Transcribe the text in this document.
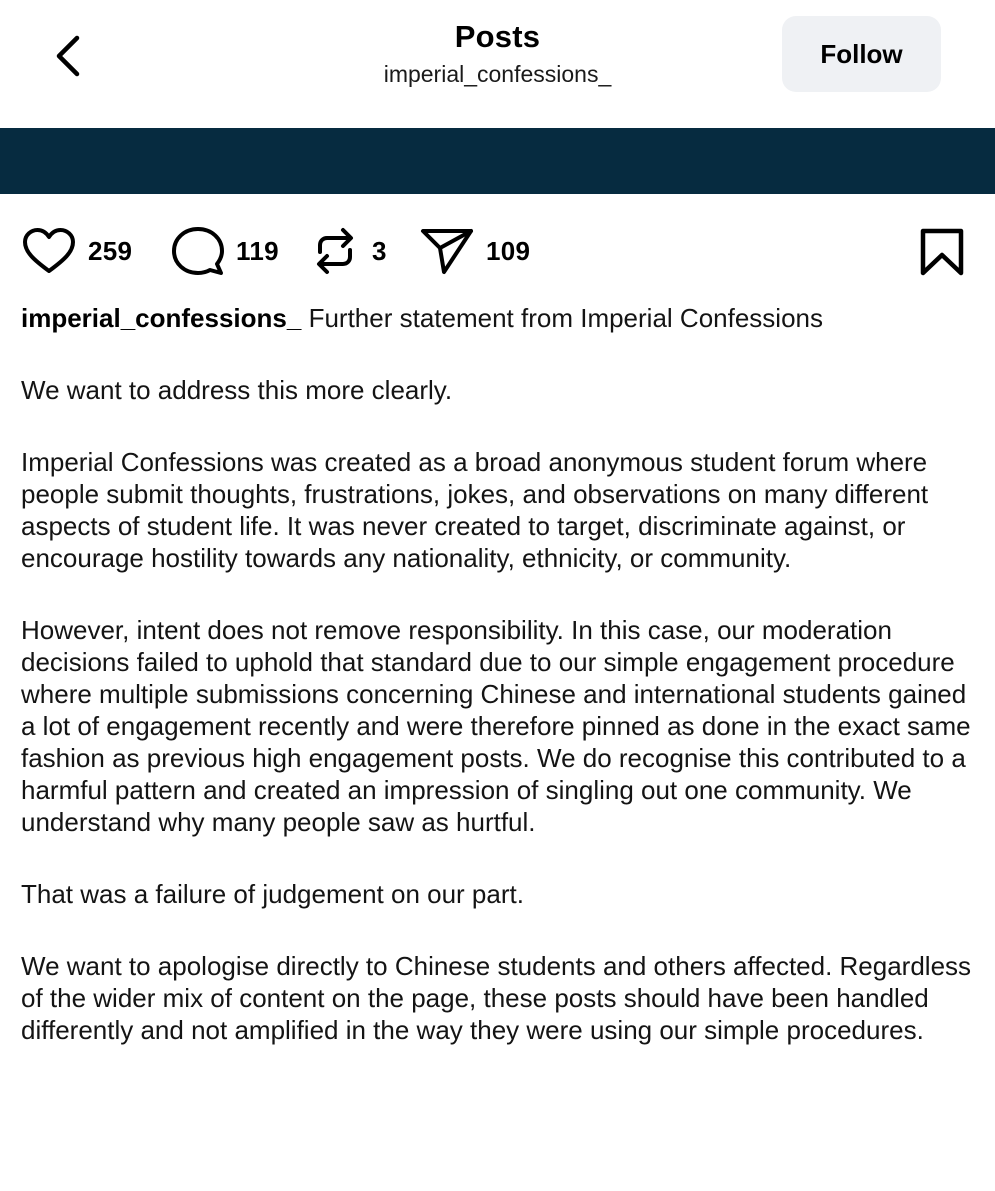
Posts
imperial_confessions_
Follow
259	119	3	109

imperial_confessions_ Further statement from Imperial Confessions

We want to address this more clearly.

Imperial Confessions was created as a broad anonymous student forum where people submit thoughts, frustrations, jokes, and observations on many different aspects of student life. It was never created to target, discriminate against, or encourage hostility towards any nationality, ethnicity, or community.

However, intent does not remove responsibility. In this case, our moderation decisions failed to uphold that standard due to our simple engagement procedure where multiple submissions concerning Chinese and international students gained a lot of engagement recently and were therefore pinned as done in the exact same fashion as previous high engagement posts. We do recognise this contributed to a harmful pattern and created an impression of singling out one community. We understand why many people saw as hurtful.

That was a failure of judgement on our part.

We want to apologise directly to Chinese students and others affected. Regardless of the wider mix of content on the page, these posts should have been handled differently and not amplified in the way they were using our simple procedures.
